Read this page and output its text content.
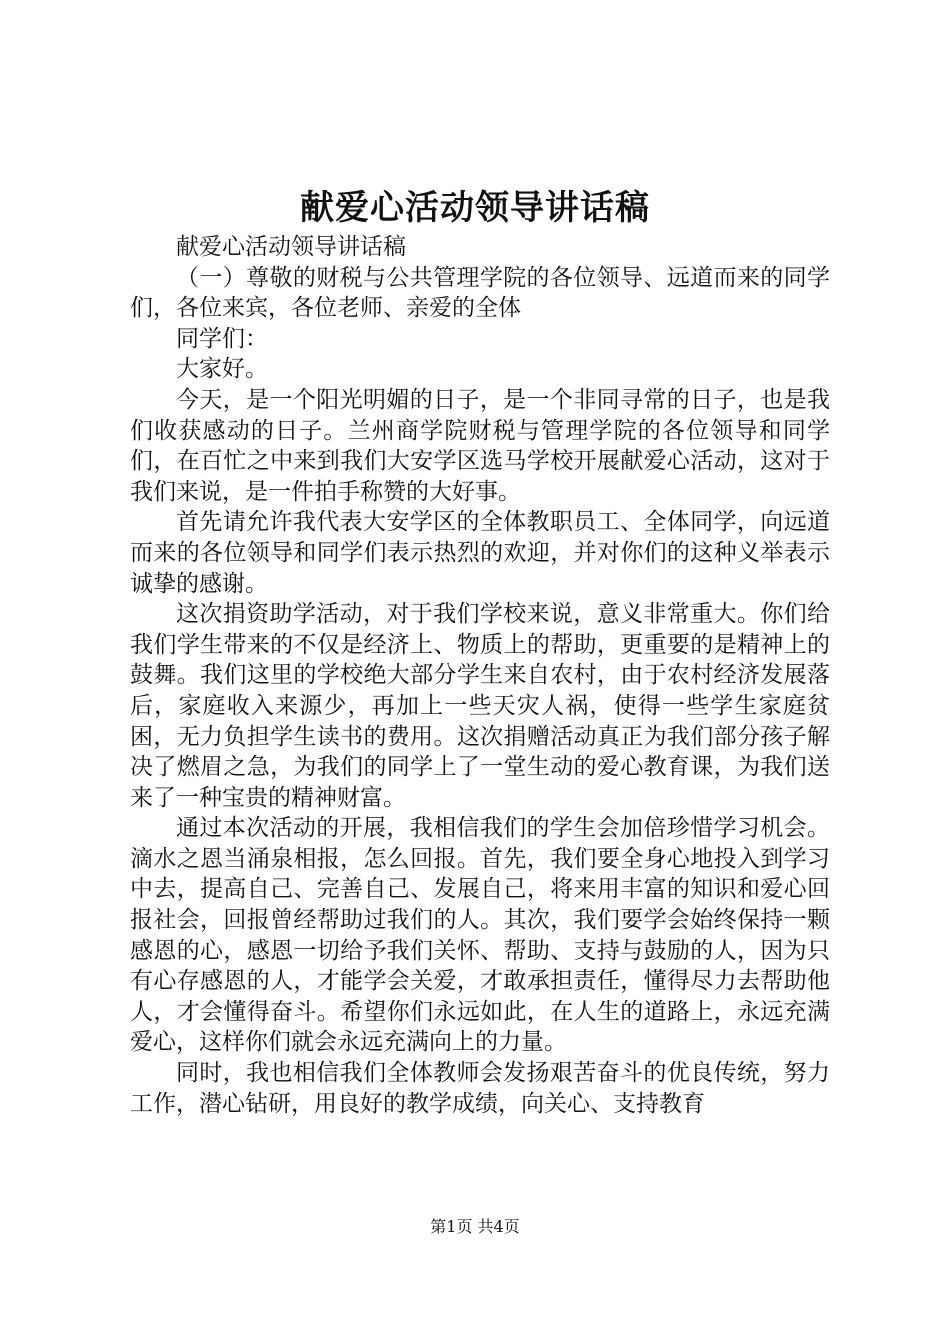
献爱心活动领导讲话稿

献爱心活动领导讲话稿

（一）尊敬的财税与公共管理学院的各位领导、远道而来的同学们，各位来宾，各位老师、亲爱的全体

同学们：

大家好。

今天，是一个阳光明媚的日子，是一个非同寻常的日子，也是我们收获感动的日子。兰州商学院财税与管理学院的各位领导和同学们，在百忙之中来到我们大安学区选马学校开展献爱心活动，这对于我们来说，是一件拍手称赞的大好事。

首先请允许我代表大安学区的全体教职员工、全体同学，向远道而来的各位领导和同学们表示热烈的欢迎，并对你们的这种义举表示诚挚的感谢。

这次捐资助学活动，对于我们学校来说，意义非常重大。你们给我们学生带来的不仅是经济上、物质上的帮助，更重要的是精神上的鼓舞。我们这里的学校绝大部分学生来自农村，由于农村经济发展落后，家庭收入来源少，再加上一些天灾人祸，使得一些学生家庭贫困，无力负担学生读书的费用。这次捐赠活动真正为我们部分孩子解决了燃眉之急，为我们的同学上了一堂生动的爱心教育课，为我们送来了一种宝贵的精神财富。

通过本次活动的开展，我相信我们的学生会加倍珍惜学习机会。滴水之恩当涌泉相报，怎么回报。首先，我们要全身心地投入到学习中去，提高自己、完善自己、发展自己，将来用丰富的知识和爱心回报社会，回报曾经帮助过我们的人。其次，我们要学会始终保持一颗感恩的心，感恩一切给予我们关怀、帮助、支持与鼓励的人，因为只有心存感恩的人，才能学会关爱，才敢承担责任，懂得尽力去帮助他人，才会懂得奋斗。希望你们永远如此，在人生的道路上，永远充满爱心，这样你们就会永远充满向上的力量。

同时，我也相信我们全体教师会发扬艰苦奋斗的优良传统，努力工作，潜心钻研，用良好的教学成绩，向关心、支持教育

第1页 共4页
